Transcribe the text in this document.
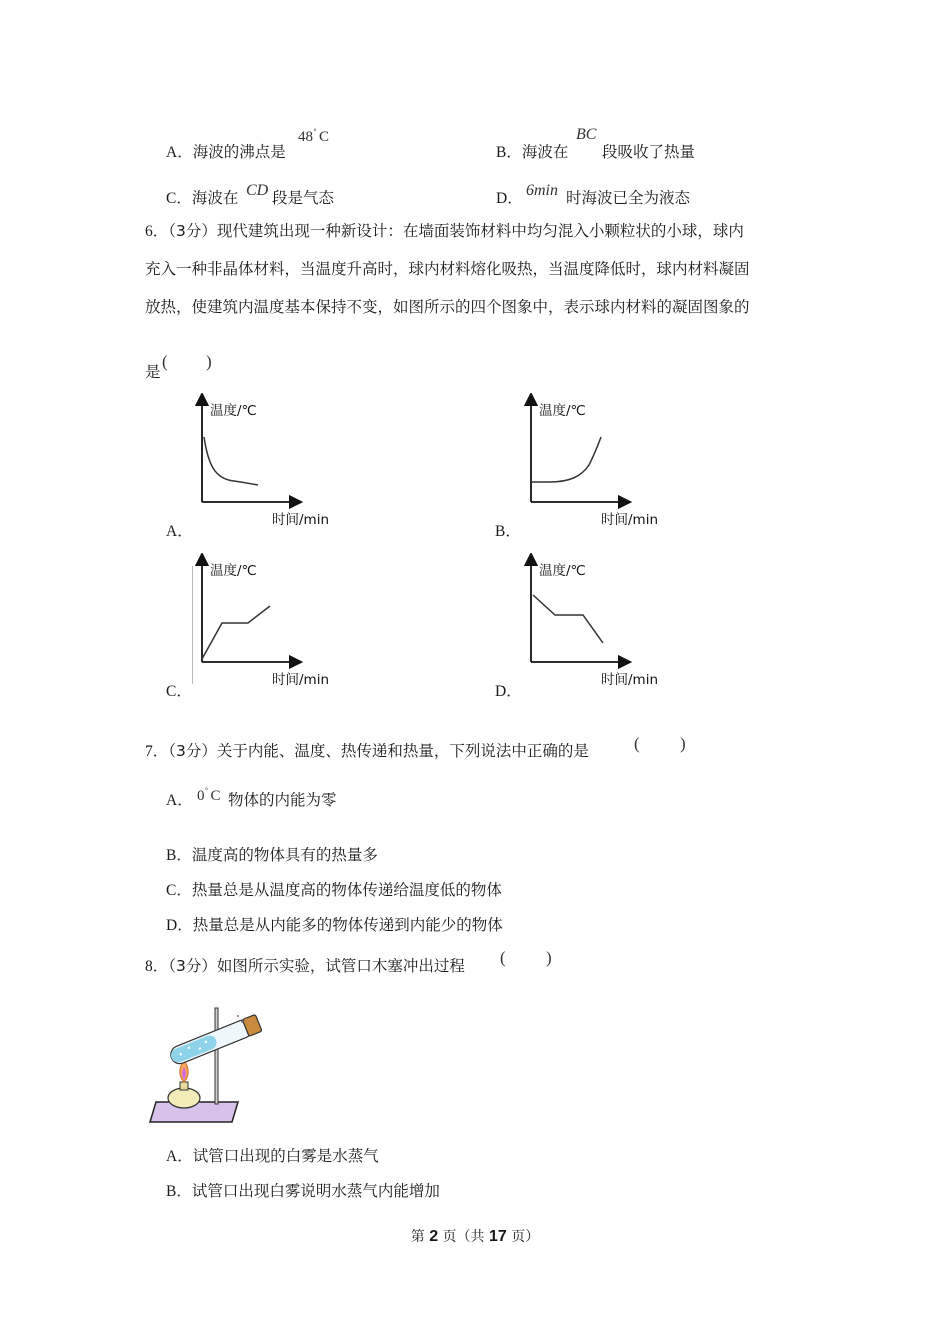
A．海波的沸点是
48° C
B．海波在
BC
段吸收了热量
C．海波在 CD 段是气态	D． 6min 时海波已全为液态
6．（3分）现代建筑出现一种新设计：在墙面装饰材料中均匀混入小颗粒状的小球，球内
充入一种非晶体材料，当温度升高时，球内材料熔化吸热，当温度降低时，球内材料凝固
放热，使建筑内温度基本保持不变，如图所示的四个图象中，表示球内材料的凝固图象的
是
( )
温度/℃
时间/min
A．
温度/℃
时间/min
B．
温度/℃
时间/min
C．
温度/℃
时间/min
D．
7．（3分）关于内能、温度、热传递和热量，下列说法中正确的是	( )
A． 0° C 物体的内能为零
B．温度高的物体具有的热量多
C．热量总是从温度高的物体传递给温度低的物体
D．热量总是从内能多的物体传递到内能少的物体
8．（3分）如图所示实验，试管口木塞冲出过程 ( )
A．试管口出现的白雾是水蒸气
B．试管口出现白雾说明水蒸气内能增加
第 2 页（共 17 页）
